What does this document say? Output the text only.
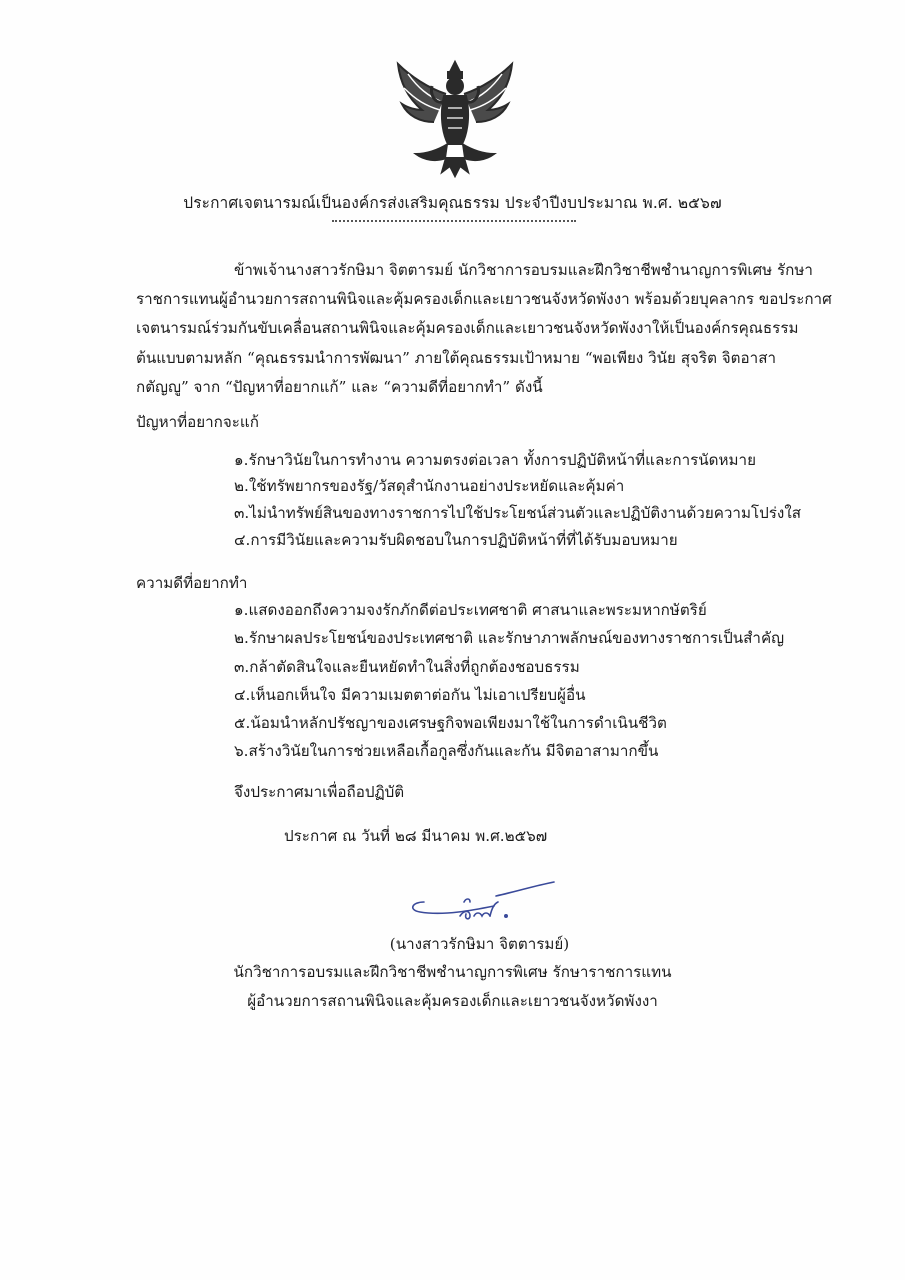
ประกาศเจตนารมณ์เป็นองค์กรส่งเสริมคุณธรรม ประจำปีงบประมาณ พ.ศ. ๒๕๖๗
ข้าพเจ้านางสาวรักษิมา จิตตารมย์ นักวิชาการอบรมและฝึกวิชาชีพชำนาญการพิเศษ รักษา
ราชการแทนผู้อำนวยการสถานพินิจและคุ้มครองเด็กและเยาวชนจังหวัดพังงา พร้อมด้วยบุคลากร ขอประกาศ
เจตนารมณ์ร่วมกันขับเคลื่อนสถานพินิจและคุ้มครองเด็กและเยาวชนจังหวัดพังงาให้เป็นองค์กรคุณธรรม
ต้นแบบตามหลัก “คุณธรรมนำการพัฒนา” ภายใต้คุณธรรมเป้าหมาย “พอเพียง วินัย สุจริต จิตอาสา
กตัญญู” จาก “ปัญหาที่อยากแก้” และ “ความดีที่อยากทำ” ดังนี้
ปัญหาที่อยากจะแก้
๑.รักษาวินัยในการทำงาน ความตรงต่อเวลา ทั้งการปฏิบัติหน้าที่และการนัดหมาย
๒.ใช้ทรัพยากรของรัฐ/วัสดุสำนักงานอย่างประหยัดและคุ้มค่า
๓.ไม่นำทรัพย์สินของทางราชการไปใช้ประโยชน์ส่วนตัวและปฏิบัติงานด้วยความโปร่งใส
๔.การมีวินัยและความรับผิดชอบในการปฏิบัติหน้าที่ที่ได้รับมอบหมาย
ความดีที่อยากทำ
๑.แสดงออกถึงความจงรักภักดีต่อประเทศชาติ ศาสนาและพระมหากษัตริย์
๒.รักษาผลประโยชน์ของประเทศชาติ และรักษาภาพลักษณ์ของทางราชการเป็นสำคัญ
๓.กล้าตัดสินใจและยืนหยัดทำในสิ่งที่ถูกต้องชอบธรรม
๔.เห็นอกเห็นใจ มีความเมตตาต่อกัน ไม่เอาเปรียบผู้อื่น
๕.น้อมนำหลักปรัชญาของเศรษฐกิจพอเพียงมาใช้ในการดำเนินชีวิต
๖.สร้างวินัยในการช่วยเหลือเกื้อกูลซึ่งกันและกัน มีจิตอาสามากขึ้น
จึงประกาศมาเพื่อถือปฏิบัติ
ประกาศ ณ วันที่ ๒๘ มีนาคม พ.ศ.๒๕๖๗
(นางสาวรักษิมา จิตตารมย์)
นักวิชาการอบรมและฝึกวิชาชีพชำนาญการพิเศษ รักษาราชการแทน
ผู้อำนวยการสถานพินิจและคุ้มครองเด็กและเยาวชนจังหวัดพังงา
